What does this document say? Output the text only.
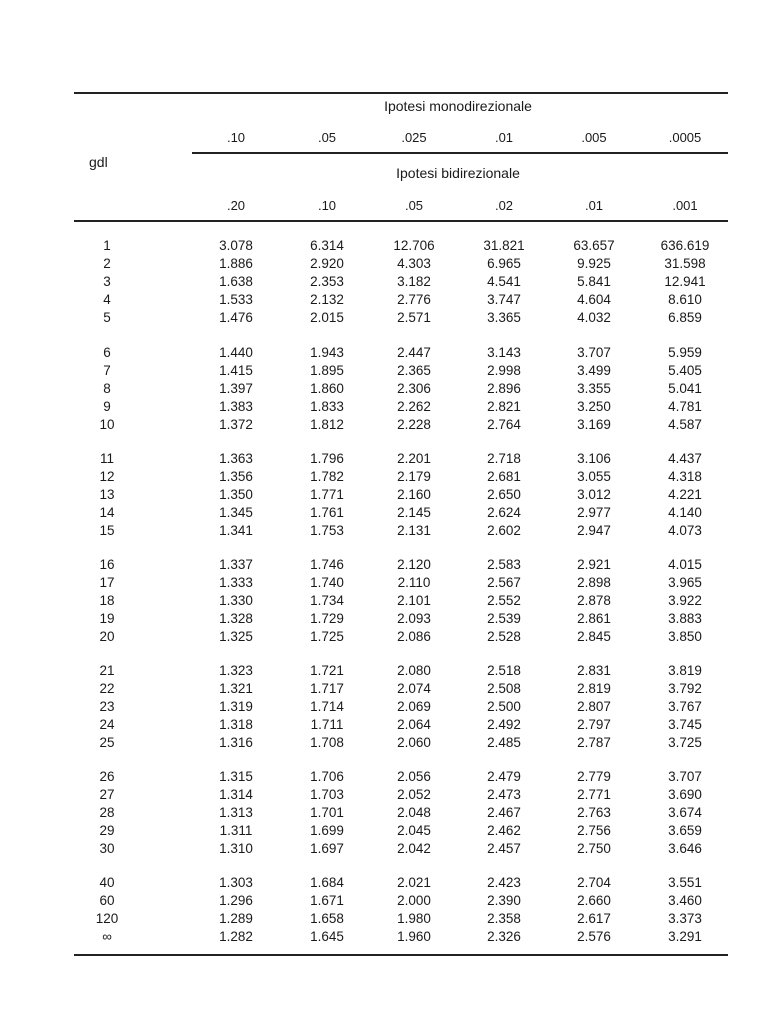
gdl
Ipotesi monodirezionale
.10	.05	.025	.01	.005	.0005
Ipotesi bidirezionale
.20	.10	.05	.02	.01	.001
1	3.078	6.314	12.706	31.821	63.657	636.619
2	1.886	2.920	4.303	6.965	9.925	31.598
3	1.638	2.353	3.182	4.541	5.841	12.941
4	1.533	2.132	2.776	3.747	4.604	8.610
5	1.476	2.015	2.571	3.365	4.032	6.859
6	1.440	1.943	2.447	3.143	3.707	5.959
7	1.415	1.895	2.365	2.998	3.499	5.405
8	1.397	1.860	2.306	2.896	3.355	5.041
9	1.383	1.833	2.262	2.821	3.250	4.781
10	1.372	1.812	2.228	2.764	3.169	4.587
11	1.363	1.796	2.201	2.718	3.106	4.437
12	1.356	1.782	2.179	2.681	3.055	4.318
13	1.350	1.771	2.160	2.650	3.012	4.221
14	1.345	1.761	2.145	2.624	2.977	4.140
15	1.341	1.753	2.131	2.602	2.947	4.073
16	1.337	1.746	2.120	2.583	2.921	4.015
17	1.333	1.740	2.110	2.567	2.898	3.965
18	1.330	1.734	2.101	2.552	2.878	3.922
19	1.328	1.729	2.093	2.539	2.861	3.883
20	1.325	1.725	2.086	2.528	2.845	3.850
21	1.323	1.721	2.080	2.518	2.831	3.819
22	1.321	1.717	2.074	2.508	2.819	3.792
23	1.319	1.714	2.069	2.500	2.807	3.767
24	1.318	1.711	2.064	2.492	2.797	3.745
25	1.316	1.708	2.060	2.485	2.787	3.725
26	1.315	1.706	2.056	2.479	2.779	3.707
27	1.314	1.703	2.052	2.473	2.771	3.690
28	1.313	1.701	2.048	2.467	2.763	3.674
29	1.311	1.699	2.045	2.462	2.756	3.659
30	1.310	1.697	2.042	2.457	2.750	3.646
40	1.303	1.684	2.021	2.423	2.704	3.551
60	1.296	1.671	2.000	2.390	2.660	3.460
120	1.289	1.658	1.980	2.358	2.617	3.373
∞	1.282	1.645	1.960	2.326	2.576	3.291
